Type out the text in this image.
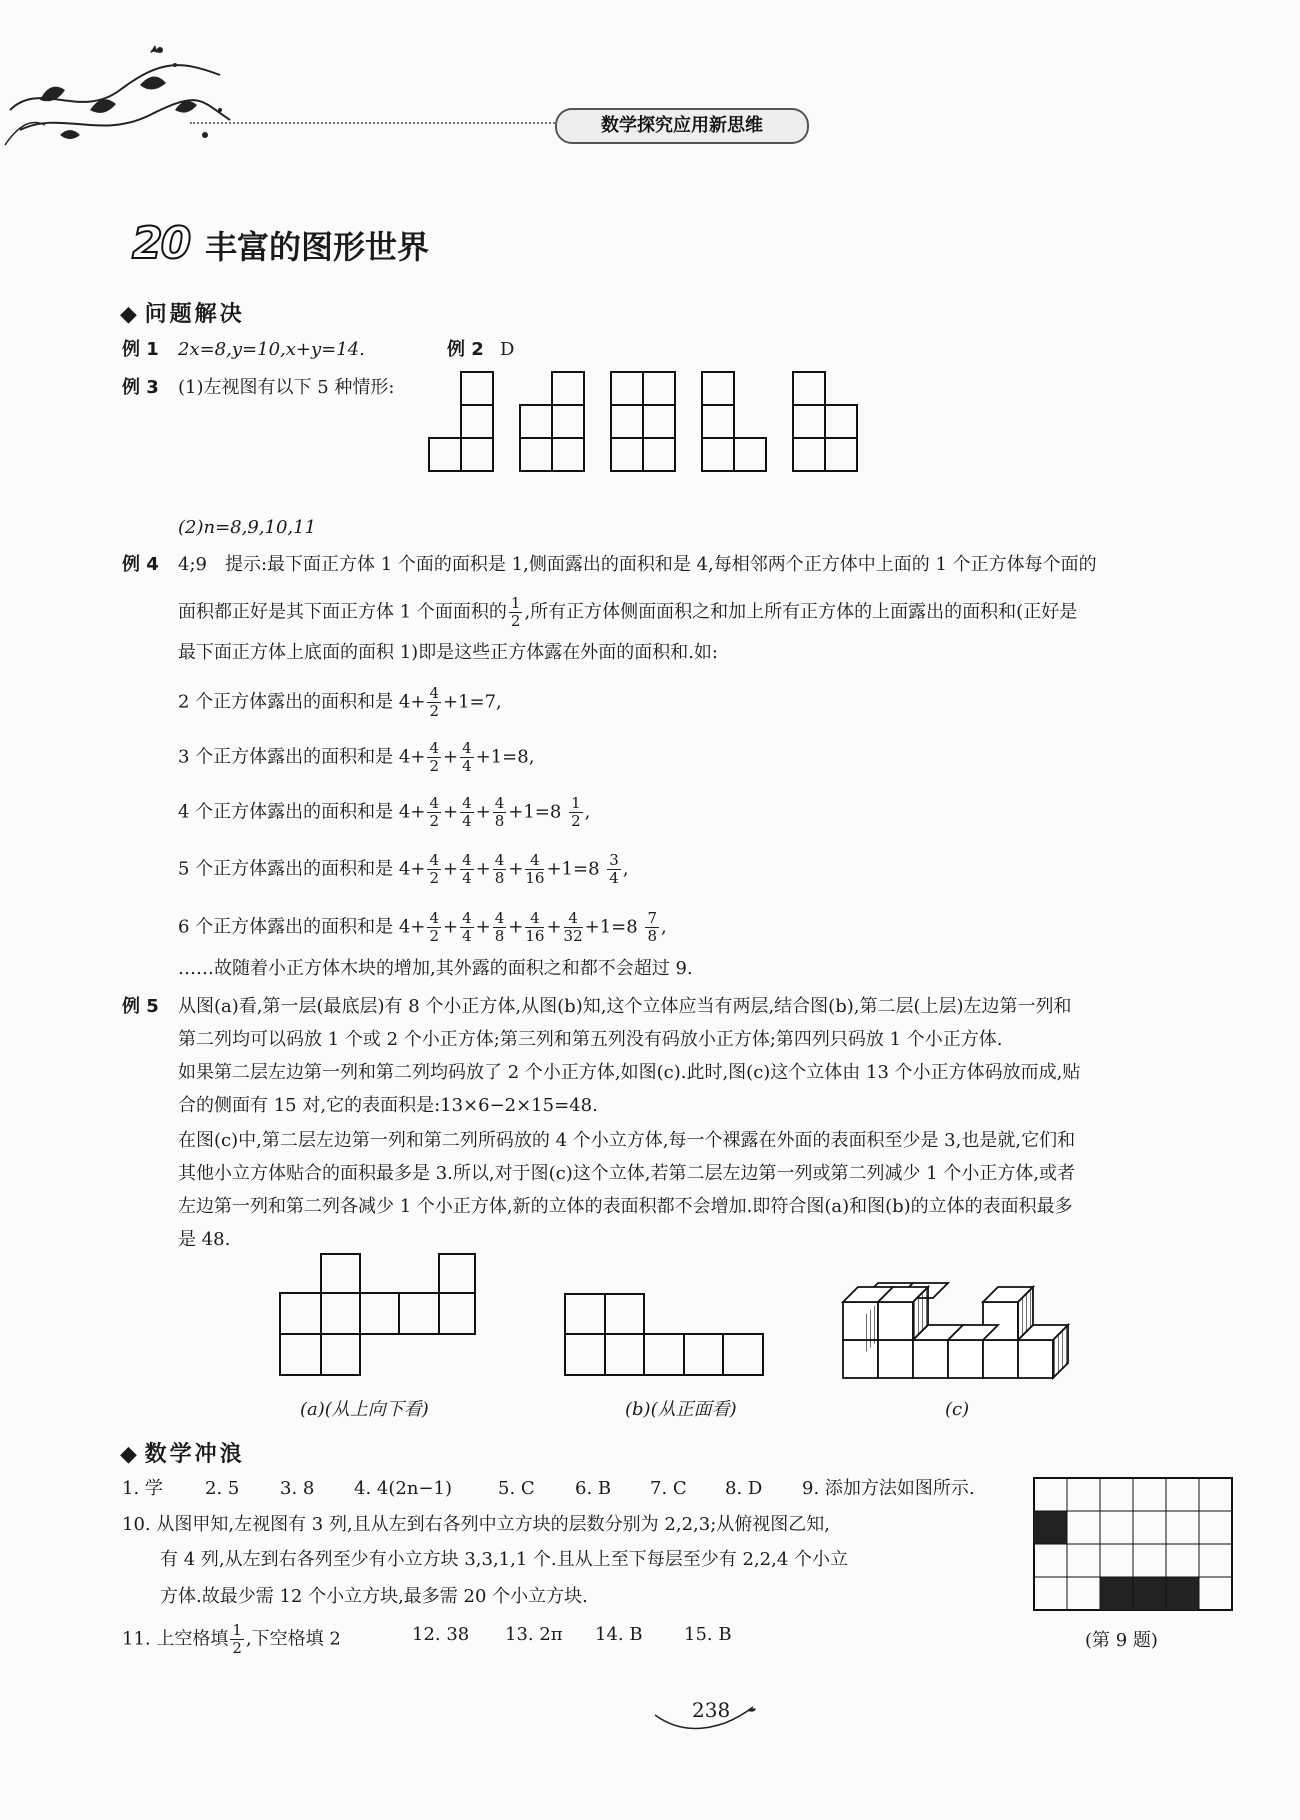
数学探究应用新思维
20 丰富的图形世界
◆ 问题解决
例 1 2x=8,y=10,x+y=14.	例 2 D
例 3 (1)左视图有以下 5 种情形:
(2)n=8,9,10,11
例 4 4;9　提示:最下面正方体 1 个面的面积是 1,侧面露出的面积和是 4,每相邻两个正方体中上面的 1 个正方体每个面的
面积都正好是其下面正方体 1 个面面积的 $\frac{1}{2}$ ,所有正方体侧面面积之和加上所有正方体的上面露出的面积和(正好是
最下面正方体上底面的面积 1)即是这些正方体露在外面的面积和.如:
2 个正方体露出的面积和是 $4+ \frac{4}{2} +1=7$,
3 个正方体露出的面积和是 $4+ \frac{4}{2} + \frac{4}{4} +1=8$,
4 个正方体露出的面积和是 $4+ \frac{4}{2} + \frac{4}{4} + \frac{4}{8} +1=8 \frac{1}{2}$ ,
5 个正方体露出的面积和是 $4+ \frac{4}{2} + \frac{4}{4} + \frac{4}{8} + \frac{4}{16} +1=8 \frac{3}{4}$ ,
6 个正方体露出的面积和是 $4+ \frac{4}{2} + \frac{4}{4} + \frac{4}{8} + \frac{4}{16} + \frac{4}{32} +1=8 \frac{7}{8}$ ,
……故随着小正方体木块的增加,其外露的面积之和都不会超过 9.
例 5 从图(a)看,第一层(最底层)有 8 个小正方体,从图(b)知,这个立体应当有两层,结合图(b),第二层(上层)左边第一列和
第二列均可以码放 1 个或 2 个小正方体;第三列和第五列没有码放小正方体;第四列只码放 1 个小正方体.
如果第二层左边第一列和第二列均码放了 2 个小正方体,如图(c).此时,图(c)这个立体由 13 个小正方体码放而成,贴
合的侧面有 15 对,它的表面积是:13×6−2×15=48.
在图(c)中,第二层左边第一列和第二列所码放的 4 个小立方体,每一个裸露在外面的表面积至少是 3,也是就,它们和
其他小立方体贴合的面积最多是 3.所以,对于图(c)这个立体,若第二层左边第一列或第二列减少 1 个小正方体,或者
左边第一列和第二列各减少 1 个小正方体,新的立体的表面积都不会增加.即符合图(a)和图(b)的立体的表面积最多
是 48.
(a)(从上向下看)	(b)(从正面看)	(c)
◆ 数学冲浪
1. 学 2. 5 3. 8 4. 4(2n−1)	5. C 6. B 7. C 8. D 9. 添加方法如图所示.
10. 从图甲知,左视图有 3 列,且从左到右各列中立方块的层数分别为 2,2,3;从俯视图乙知,
有 4 列,从左到右各列至少有小立方块 3,3,1,1 个.且从上至下每层至少有 2,2,4 个小立
方体.故最少需 12 个小立方块,最多需 20 个小立方块.
11. 上空格填 $\frac{1}{2}$ ,下空格填 2	12. 38 13. 2π 14. B 15. B	(第 9 题)
238
